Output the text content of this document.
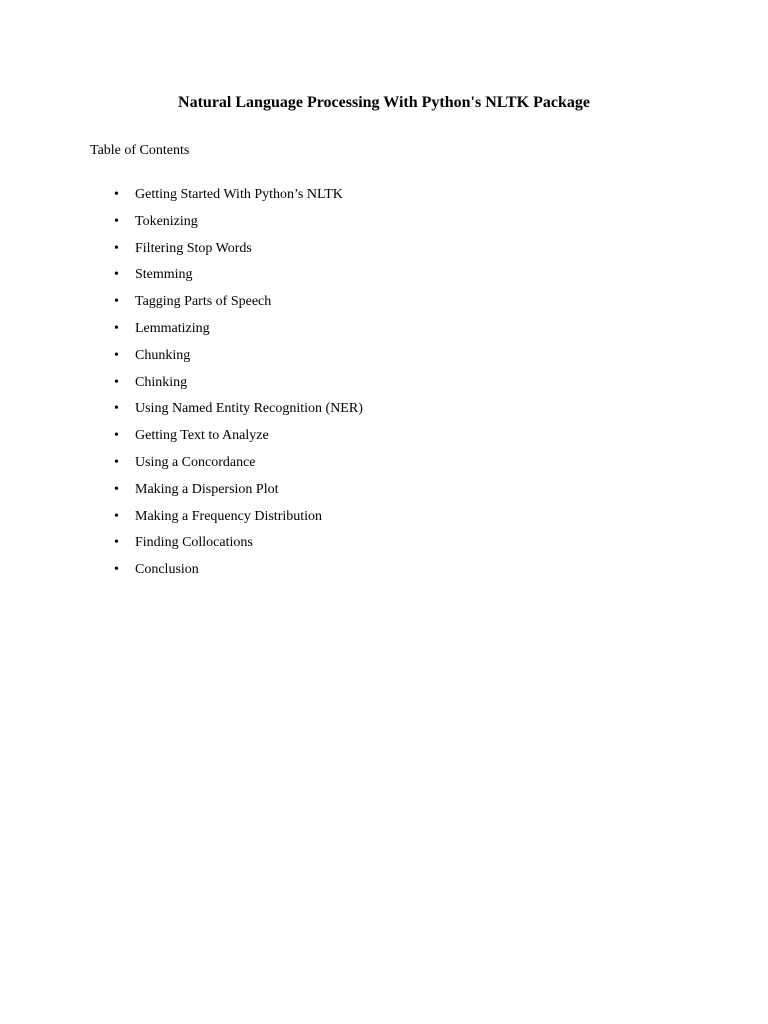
Natural Language Processing With Python's NLTK Package

Table of Contents

• Getting Started With Python’s NLTK
• Tokenizing
• Filtering Stop Words
• Stemming
• Tagging Parts of Speech
• Lemmatizing
• Chunking
• Chinking
• Using Named Entity Recognition (NER)
• Getting Text to Analyze
• Using a Concordance
• Making a Dispersion Plot
• Making a Frequency Distribution
• Finding Collocations
• Conclusion
